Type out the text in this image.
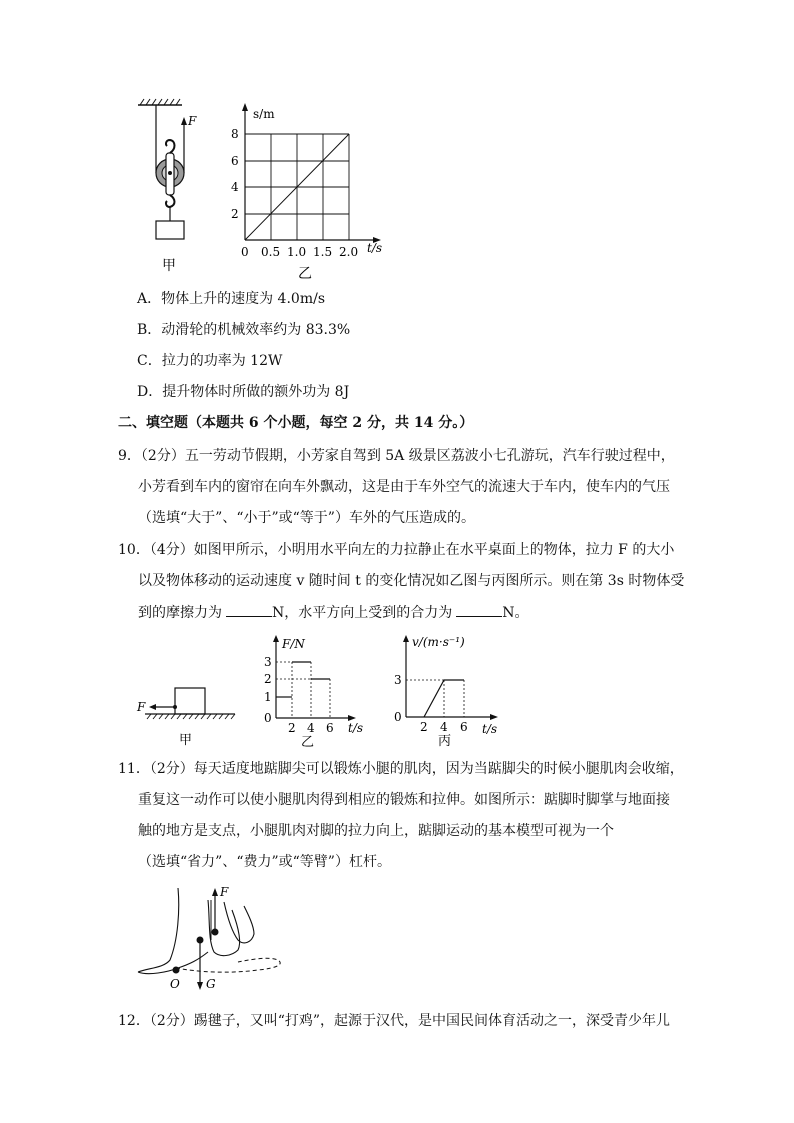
F
甲
s/m
8
6
4
2
0 0.5 1.0 1.5 2.0 t/s
乙
A．物体上升的速度为 4.0m/s
B．动滑轮的机械效率约为 83.3%
C．拉力的功率为 12W
D．提升物体时所做的额外功为 8J
二、填空题（本题共 6 个小题，每空 2 分，共 14 分。）
9．（2分）五一劳动节假期，小芳家自驾到 5A 级景区荔波小七孔游玩，汽车行驶过程中，
小芳看到车内的窗帘在向车外飘动，这是由于车外空气的流速大于车内，使车内的气压
（选填“大于”、“小于”或“等于”）车外的气压造成的。
10．（4分）如图甲所示，小明用水平向左的力拉静止在水平桌面上的物体，拉力 F 的大小
以及物体移动的运动速度 v 随时间 t 的变化情况如乙图与丙图所示。则在第 3s 时物体受
到的摩擦力为	N，水平方向上受到的合力为	N。
F
甲
F/N
3
2
1
0
2 4 6 t/s
乙
v/(m·s⁻¹)
3
0
2 4 6 t/s
丙
11．（2分）每天适度地踮脚尖可以锻炼小腿的肌肉，因为当踮脚尖的时候小腿肌肉会收缩，
重复这一动作可以使小腿肌肉得到相应的锻炼和拉伸。如图所示：踮脚时脚掌与地面接
触的地方是支点，小腿肌肉对脚的拉力向上，踮脚运动的基本模型可视为一个
（选填“省力”、“费力”或“等臂”）杠杆。
F
G
O
12．（2分）踢毽子，又叫“打鸡”，起源于汉代，是中国民间体育活动之一，深受青少年儿
